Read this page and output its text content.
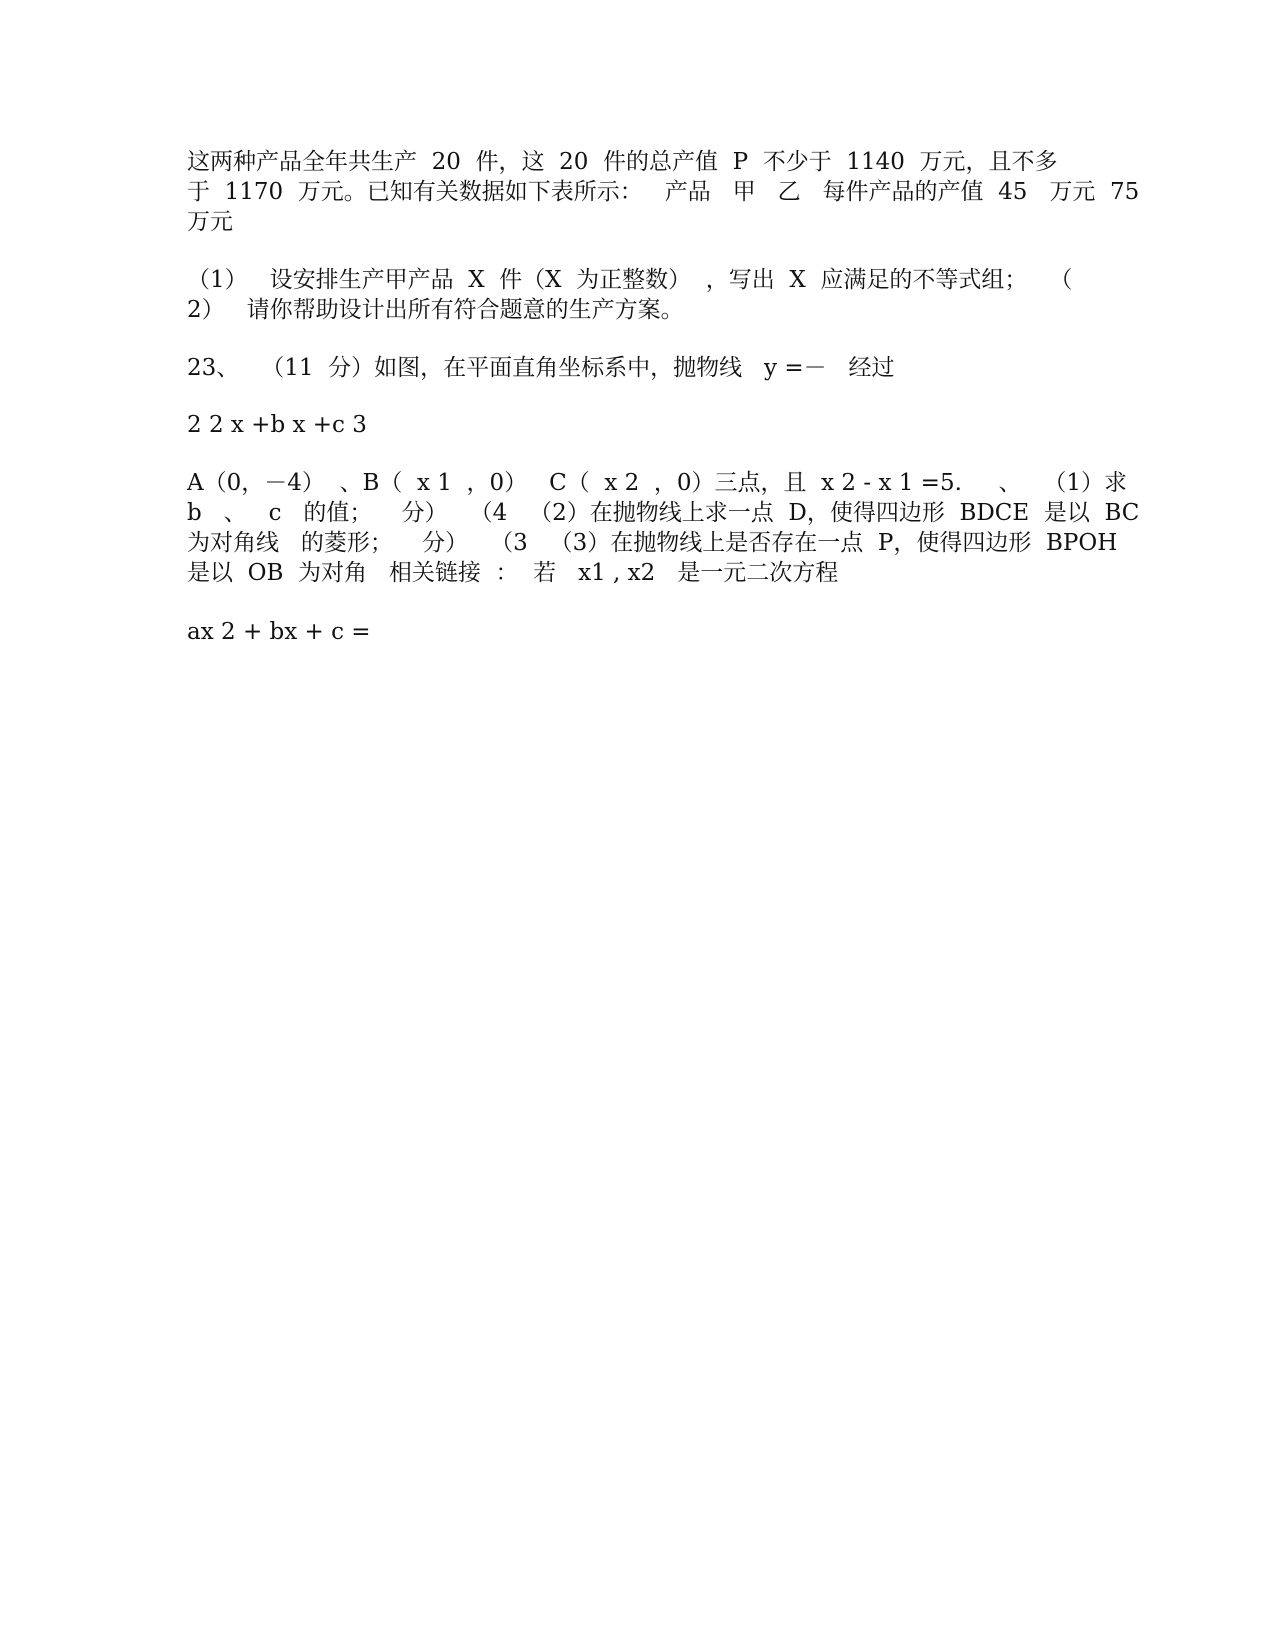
这两种产品全年共生产  20  件，这  20  件的总产值  P  不少于  1140  万元，且不多
于  1170  万元。已知有关数据如下表所示：   产品   甲   乙   每件产品的产值  45   万元  75
万元
（1）   设安排生产甲产品  X  件（X  为正整数）  ，写出  X  应满足的不等式组；   （
2）   请你帮助设计出所有符合题意的生产方案。
23、   （11  分）如图，在平面直角坐标系中，抛物线   y =－   经过
2 2 x +b x +c 3
A（0，－4）  、B（  x 1  ，0）   C（  x 2  ，0）三点，且  x 2 - x 1 =5.     、   （1）求
b   、   c   的值；    分）   （4   （2）在抛物线上求一点  D，使得四边形  BDCE  是以  BC
为对角线   的菱形；    分）   （3   （3）在抛物线上是否存在一点  P，使得四边形  BPOH
是以  OB  为对角   相关链接  ：  若   x1 , x2   是一元二次方程
ax 2 + bx + c =
